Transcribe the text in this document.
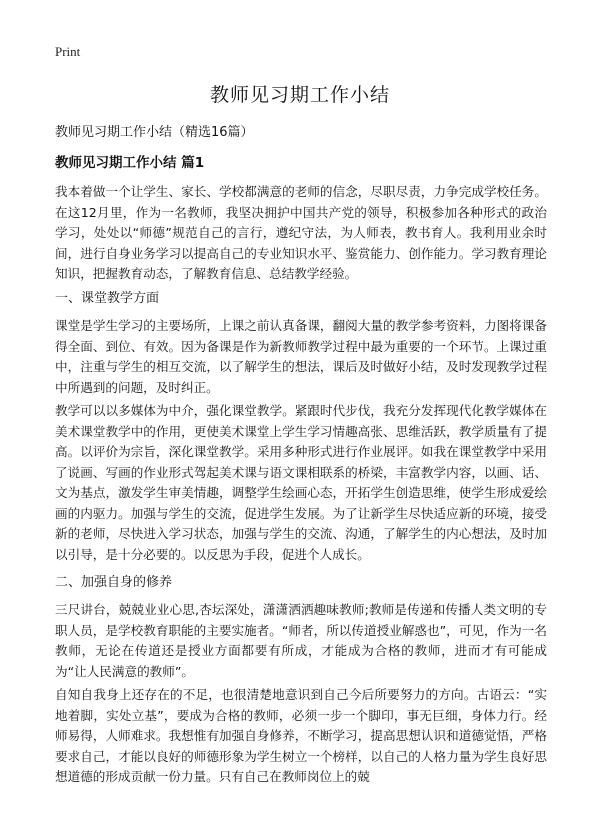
Print
教师见习期工作小结
教师见习期工作小结（精选16篇）
教师见习期工作小结 篇1

我本着做一个让学生、家长、学校都满意的老师的信念，尽职尽责，力争完成学校任务。在这12月里，作为一名教师，我坚决拥护中国共产党的领导，积极参加各种形式的政治学习，处处以“师德”规范自己的言行，遵纪守法，为人师表，教书育人。我利用业余时间，进行自身业务学习以提高自己的专业知识水平、鉴赏能力、创作能力。学习教育理论知识，把握教育动态，了解教育信息、总结教学经验。

一、课堂教学方面

课堂是学生学习的主要场所，上课之前认真备课，翻阅大量的教学参考资料，力图将课备得全面、到位、有效。因为备课是作为新教师教学过程中最为重要的一个环节。上课过重中，注重与学生的相互交流，以了解学生的想法，课后及时做好小结，及时发现教学过程中所遇到的问题，及时纠正。

教学可以以多媒体为中介，强化课堂教学。紧跟时代步伐，我充分发挥现代化教学媒体在美术课堂教学中的作用，更使美术课堂上学生学习情趣高张、思维活跃，教学质量有了提高。以评价为宗旨，深化课堂教学。采用多种形式进行作业展评。如我在课堂教学中采用了说画、写画的作业形式驾起美术课与语文课相联系的桥梁，丰富教学内容，以画、话、文为基点，激发学生审美情趣，调整学生绘画心态，开拓学生创造思维，使学生形成爱绘画的内驱力。加强与学生的交流，促进学生发展。为了让新学生尽快适应新的环境，接受新的老师，尽快进入学习状态，加强与学生的交流、沟通，了解学生的内心想法，及时加以引导，是十分必要的。以反思为手段，促进个人成长。

二、加强自身的修养

三尺讲台，兢兢业业心思,杏坛深处，潇潇洒洒趣味教师;教师是传递和传播人类文明的专职人员，是学校教育职能的主要实施者。“师者，所以传道授业解惑也”，可见，作为一名教师，无论在传道还是授业方面都要有所成，才能成为合格的教师，进而才有可能成为“让人民满意的教师”。

自知自我身上还存在的不足，也很清楚地意识到自己今后所要努力的方向。古语云：“实地着脚，实处立基”，要成为合格的教师，必须一步一个脚印，事无巨细，身体力行。经师易得，人师难求。我想惟有加强自身修养，不断学习，提高思想认识和道德觉悟，严格要求自己，才能以良好的师德形象为学生树立一个榜样，以自己的人格力量为学生良好思想道德的形成贡献一份力量。只有自己在教师岗位上的兢
